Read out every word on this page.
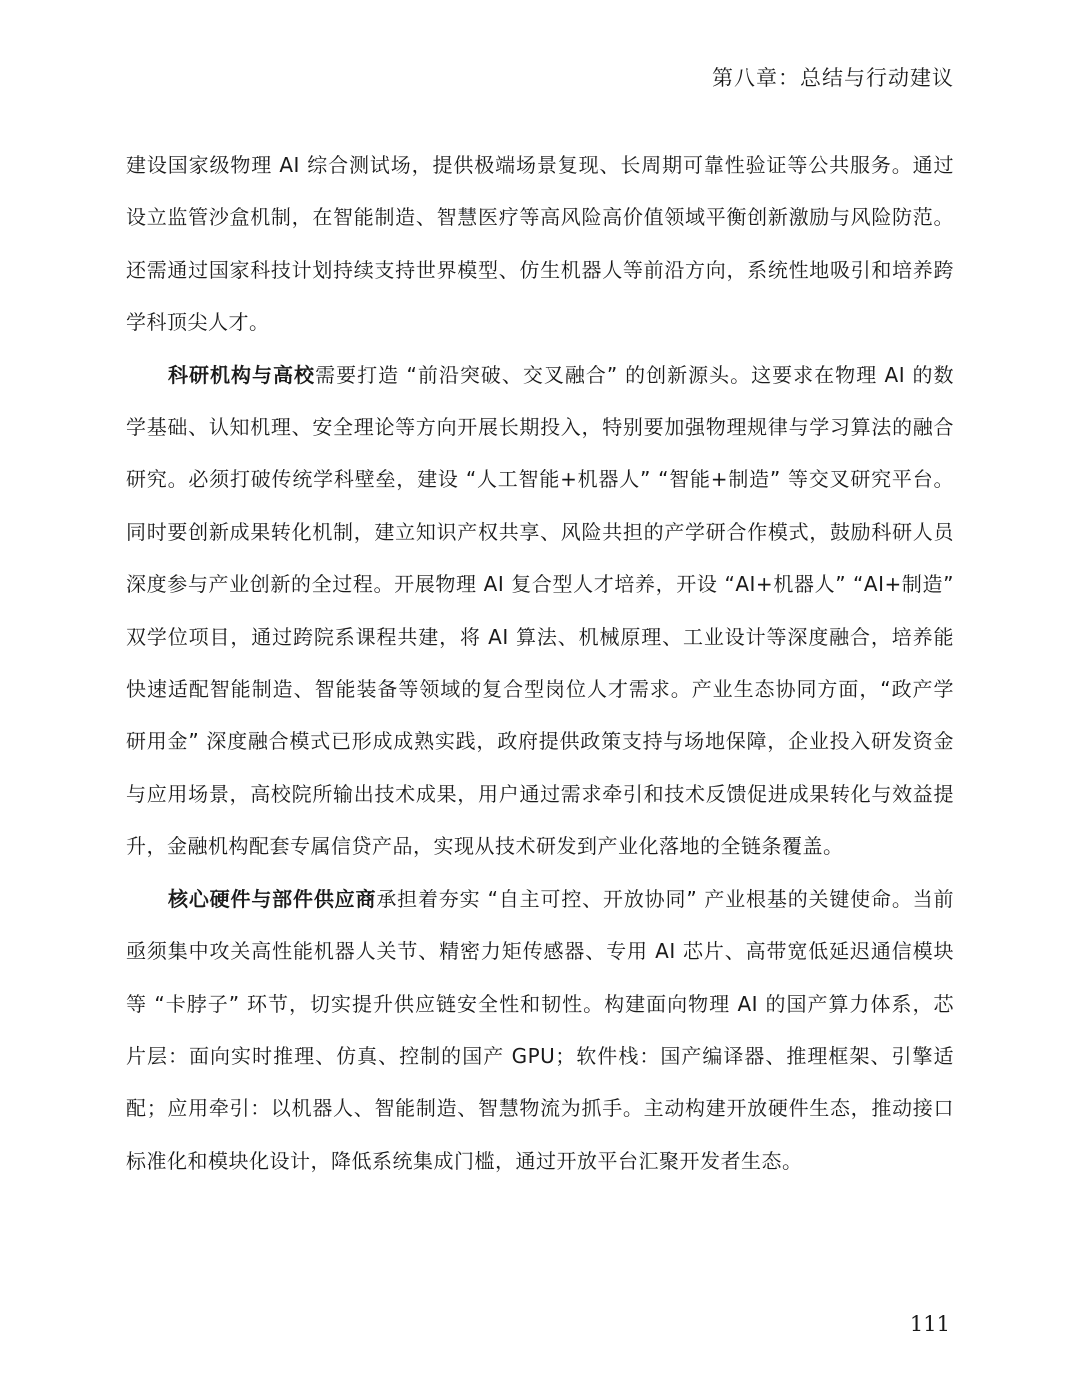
第八章：总结与行动建议

建设国家级物理 AI 综合测试场，提供极端场景复现、长周期可靠性验证等公共服务。通过设立监管沙盒机制，在智能制造、智慧医疗等高风险高价值领域平衡创新激励与风险防范。还需通过国家科技计划持续支持世界模型、仿生机器人等前沿方向，系统性地吸引和培养跨学科顶尖人才。

科研机构与高校需要打造 “前沿突破、交叉融合” 的创新源头。这要求在物理 AI 的数学基础、认知机理、安全理论等方向开展长期投入，特别要加强物理规律与学习算法的融合研究。必须打破传统学科壁垒，建设 “人工智能+机器人” “智能+制造” 等交叉研究平台。同时要创新成果转化机制，建立知识产权共享、风险共担的产学研合作模式，鼓励科研人员深度参与产业创新的全过程。开展物理 AI 复合型人才培养，开设 “AI+机器人” “AI+制造” 双学位项目，通过跨院系课程共建，将 AI 算法、机械原理、工业设计等深度融合，培养能快速适配智能制造、智能装备等领域的复合型岗位人才需求。产业生态协同方面，“政产学研用金” 深度融合模式已形成成熟实践，政府提供政策支持与场地保障，企业投入研发资金与应用场景，高校院所输出技术成果，用户通过需求牵引和技术反馈促进成果转化与效益提升，金融机构配套专属信贷产品，实现从技术研发到产业化落地的全链条覆盖。

核心硬件与部件供应商承担着夯实 “自主可控、开放协同” 产业根基的关键使命。当前亟须集中攻关高性能机器人关节、精密力矩传感器、专用 AI 芯片、高带宽低延迟通信模块等 “卡脖子” 环节，切实提升供应链安全性和韧性。构建面向物理 AI 的国产算力体系，芯片层：面向实时推理、仿真、控制的国产 GPU；软件栈：国产编译器、推理框架、引擎适配；应用牵引：以机器人、智能制造、智慧物流为抓手。主动构建开放硬件生态，推动接口标准化和模块化设计，降低系统集成门槛，通过开放平台汇聚开发者生态。

111
